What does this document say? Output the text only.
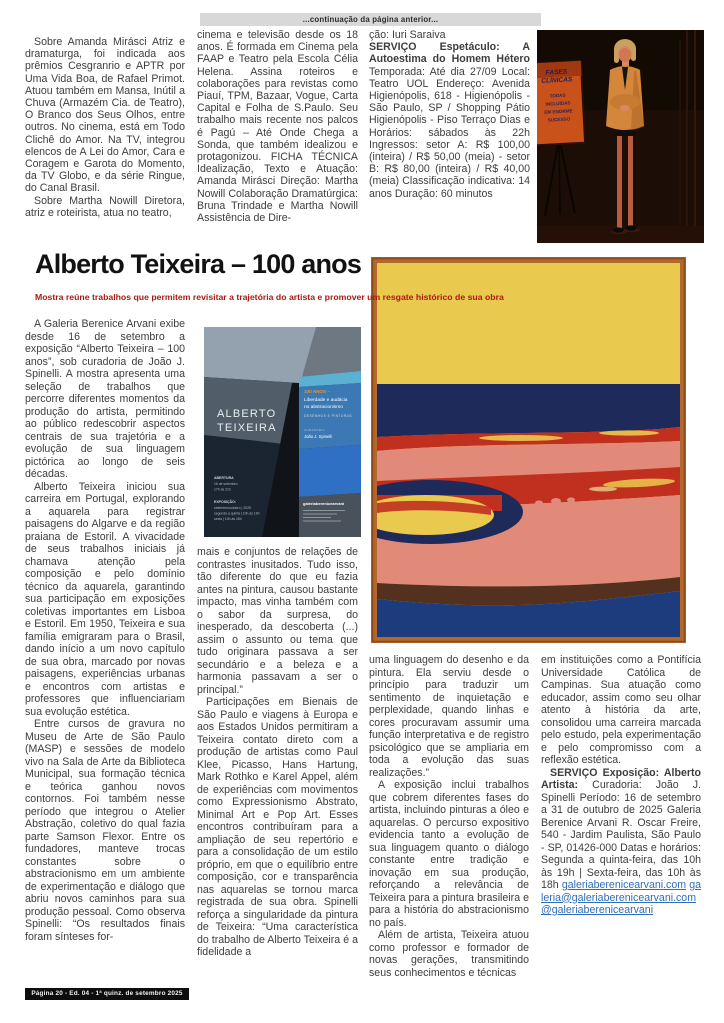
...continuação da página anterior...

Sobre Amanda Mirásci Atriz e dramaturga, foi indicada aos prêmios Cesgranrio e APTR por Uma Vida Boa, de Rafael Primot. Atuou também em Mansa, Inútil a Chuva (Armazém Cia. de Teatro), O Branco dos Seus Olhos, entre outros. No cinema, está em Todo Clichê do Amor. Na TV, integrou elencos de A Lei do Amor, Cara e Coragem e Garota do Momento, da TV Globo, e da série Ringue, do Canal Brasil.

Sobre Martha Nowill Diretora, atriz e roteirista, atua no teatro,

cinema e televisão desde os 18 anos. É formada em Cinema pela FAAP e Teatro pela Escola Célia Helena. Assina roteiros e colaborações para revistas como Piauí, TPM, Bazaar, Vogue, Carta Capital e Folha de S.Paulo. Seu trabalho mais recente nos palcos é Pagú – Até Onde Chega a Sonda, que também idealizou e protagonizou. FICHA TÉCNICA Idealização, Texto e Atuação: Amanda Mirásci Direção: Martha Nowill Colaboração Dramatúrgica: Bruna Trindade e Martha Nowill Assistência de Dire-

ção: Iuri Saraiva

SERVIÇO Espetáculo: A Autoestima do Homem Hétero Temporada: Até dia 27/09 Local: Teatro UOL Endereço: Avenida Higienópolis, 618 - Higienópolis - São Paulo, SP / Shopping Pátio Higienópolis - Piso Terraço Dias e Horários: sábados às 22h Ingressos: setor A: R$ 100,00 (inteira) / R$ 50,00 (meia) - setor B: R$ 80,00 (inteira) / R$ 40,00 (meia) Classificação indicativa: 14 anos Duração: 60 minutos

FASES
CLÍNICAS
TODAS
INCLUÍDAS
EM ENORME
SUCESSO
Alberto Teixeira – 100 anos
Mostra reúne trabalhos que permitem revisitar a trajetória do artista e promover um resgate histórico de sua obra
ALBERTO
TEIXEIRA
100 ANOS –
Liberdade e audácia
no abstracionismo
DESENHOS E PINTURAS
CURADORIA
João J. Spinelli
ABERTURA
16 de setembro
17h às 21h
EXPOSIÇÃO:
setembro/outubro | 2025
segunda a quinta | 10h às 19h
sexta | 10h às 18h
galeriaberenicearvani

A Galeria Berenice Arvani exibe desde 16 de setembro a exposição “Alberto Teixeira – 100 anos”, sob curadoria de João J. Spinelli. A mostra apresenta uma seleção de trabalhos que percorre diferentes momentos da produção do artista, permitindo ao público redescobrir aspectos centrais de sua trajetória e a evolução de sua linguagem pictórica ao longo de seis décadas.

Alberto Teixeira iniciou sua carreira em Portugal, explorando a aquarela para registrar paisagens do Algarve e da região praiana de Estoril. A vivacidade de seus trabalhos iniciais já chamava atenção pela composição e pelo domínio técnico da aquarela, garantindo sua participação em exposições coletivas importantes em Lisboa e Estoril. Em 1950, Teixeira e sua família emigraram para o Brasil, dando início a um novo capítulo de sua obra, marcado por novas paisagens, experiências urbanas e encontros com artistas e professores que influenciariam sua evolução estética.

Entre cursos de gravura no Museu de Arte de São Paulo (MASP) e sessões de modelo vivo na Sala de Arte da Biblioteca Municipal, sua formação técnica e teórica ganhou novos contornos. Foi também nesse período que integrou o Atelier Abstração, coletivo do qual fazia parte Samson Flexor. Entre os fundadores, manteve trocas constantes sobre o abstracionismo em um ambiente de experimentação e diálogo que abriu novos caminhos para sua produção pessoal. Como observa Spinelli: “Os resultados finais foram sínteses for-

mais e conjuntos de relações de contrastes inusitados. Tudo isso, tão diferente do que eu fazia antes na pintura, causou bastante impacto, mas vinha também com o sabor da surpresa, do inesperado, da descoberta (...) assim o assunto ou tema que tudo originara passava a ser secundário e a beleza e a harmonia passavam a ser o principal.”

Participações em Bienais de São Paulo e viagens à Europa e aos Estados Unidos permitiram a Teixeira contato direto com a produção de artistas como Paul Klee, Picasso, Hans Hartung, Mark Rothko e Karel Appel, além de experiências com movimentos como Expressionismo Abstrato, Minimal Art e Pop Art. Esses encontros contribuíram para a ampliação de seu repertório e para a consolidação de um estilo próprio, em que o equilíbrio entre composição, cor e transparência nas aquarelas se tornou marca registrada de sua obra. Spinelli reforça a singularidade da pintura de Teixeira: “Uma característica do trabalho de Alberto Teixeira é a fidelidade a

uma linguagem do desenho e da pintura. Ela serviu desde o princípio para traduzir um sentimento de inquietação e perplexidade, quando linhas e cores procuravam assumir uma função interpretativa e de registro psicológico que se ampliaria em toda a evolução das suas realizações.”

A exposição inclui trabalhos que cobrem diferentes fases do artista, incluindo pinturas a óleo e aquarelas. O percurso expositivo evidencia tanto a evolução de sua linguagem quanto o diálogo constante entre tradição e inovação em sua produção, reforçando a relevância de Teixeira para a pintura brasileira e para a história do abstracionismo no país.

Além de artista, Teixeira atuou como professor e formador de novas gerações, transmitindo seus conhecimentos e técnicas

em instituições como a Pontifícia Universidade Católica de Campinas. Sua atuação como educador, assim como seu olhar atento à história da arte, consolidou uma carreira marcada pelo estudo, pela experimentação e pelo compromisso com a reflexão estética.

SERVIÇO Exposição: Alberto Artista: Curadoria: João J. Spinelli Período: 16 de setembro a 31 de outubro de 2025 Galeria Berenice Arvani R. Oscar Freire, 540 - Jardim Paulista, São Paulo - SP, 01426-000 Datas e horários: Segunda a quinta-feira, das 10h às 19h | Sexta-feira, das 10h às 18h galeriaberenicearvani.com galeria@galeriaberenicearvani.com @galeriaberenicearvani

Página 20 - Ed. 04 - 1ª quinz. de setembro 2025
